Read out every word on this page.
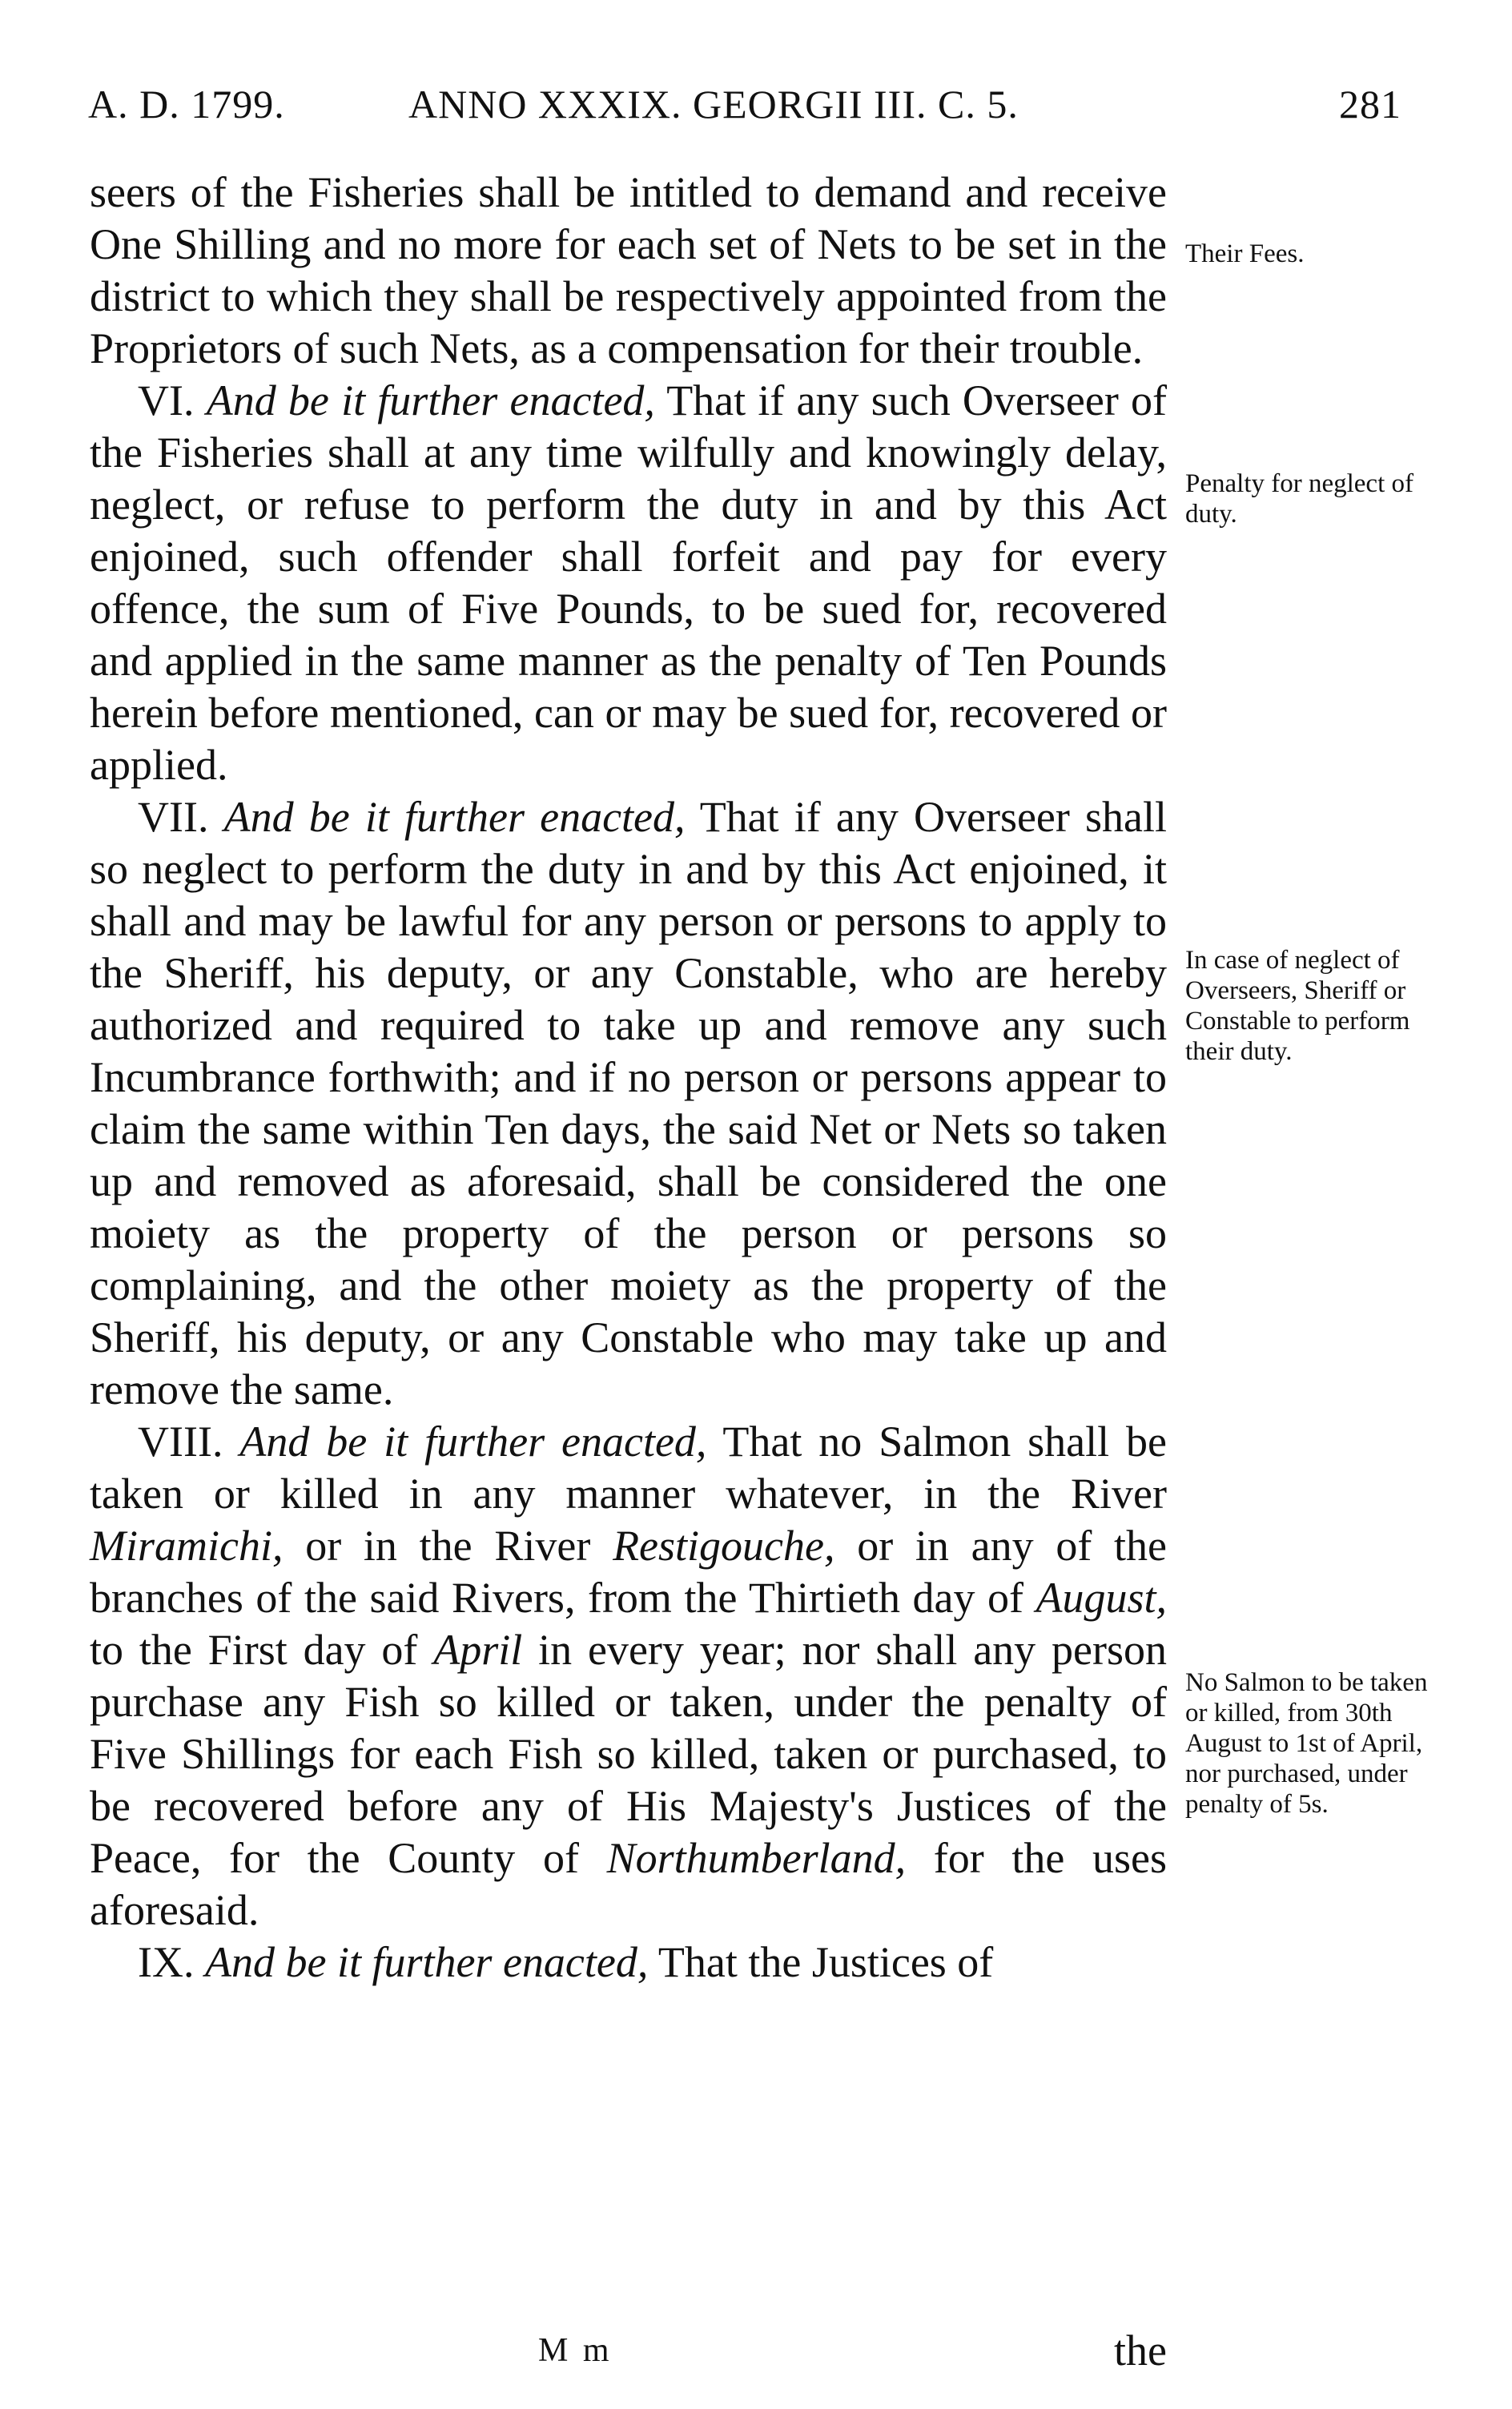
A. D. 1799.	ANNO XXXIX. GEORGII III. C. 5.	281

seers of the Fisheries shall be intitled to demand and receive One Shilling and no more for each set of Nets to be set in the district to which they shall be respectively appointed from the Proprietors of such Nets, as a compensation for their trouble.

VI. And be it further enacted, That if any such Overseer of the Fisheries shall at any time wilfully and knowingly delay, neglect, or refuse to perform the duty in and by this Act enjoined, such offender shall forfeit and pay for every offence, the sum of Five Pounds, to be sued for, recovered and applied in the same manner as the penalty of Ten Pounds herein before mentioned, can or may be sued for, recovered or applied.

VII. And be it further enacted, That if any Overseer shall so neglect to perform the duty in and by this Act enjoined, it shall and may be lawful for any person or persons to apply to the Sheriff, his deputy, or any Constable, who are hereby authorized and required to take up and remove any such Incumbrance forthwith; and if no person or persons appear to claim the same within Ten days, the said Net or Nets so taken up and removed as aforesaid, shall be considered the one moiety as the property of the person or persons so complaining, and the other moiety as the property of the Sheriff, his deputy, or any Constable who may take up and remove the same.

VIII. And be it further enacted, That no Salmon shall be taken or killed in any manner whatever, in the River Miramichi, or in the River Restigouche, or in any of the branches of the said Rivers, from the Thirtieth day of August, to the First day of April in every year; nor shall any person purchase any Fish so killed or taken, under the penalty of Five Shillings for each Fish so killed, taken or purchased, to be recovered before any of His Majesty's Justices of the Peace, for the County of Northumberland, for the uses aforesaid.

IX. And be it further enacted, That the Justices of

Their Fees.
Penalty for neglect of duty.
In case of neglect of Overseers, Sheriff or Constable to perform their duty.
No Salmon to be taken or killed, from 30th August to 1st of April, nor purchased, under penalty of 5s.
M m	the
